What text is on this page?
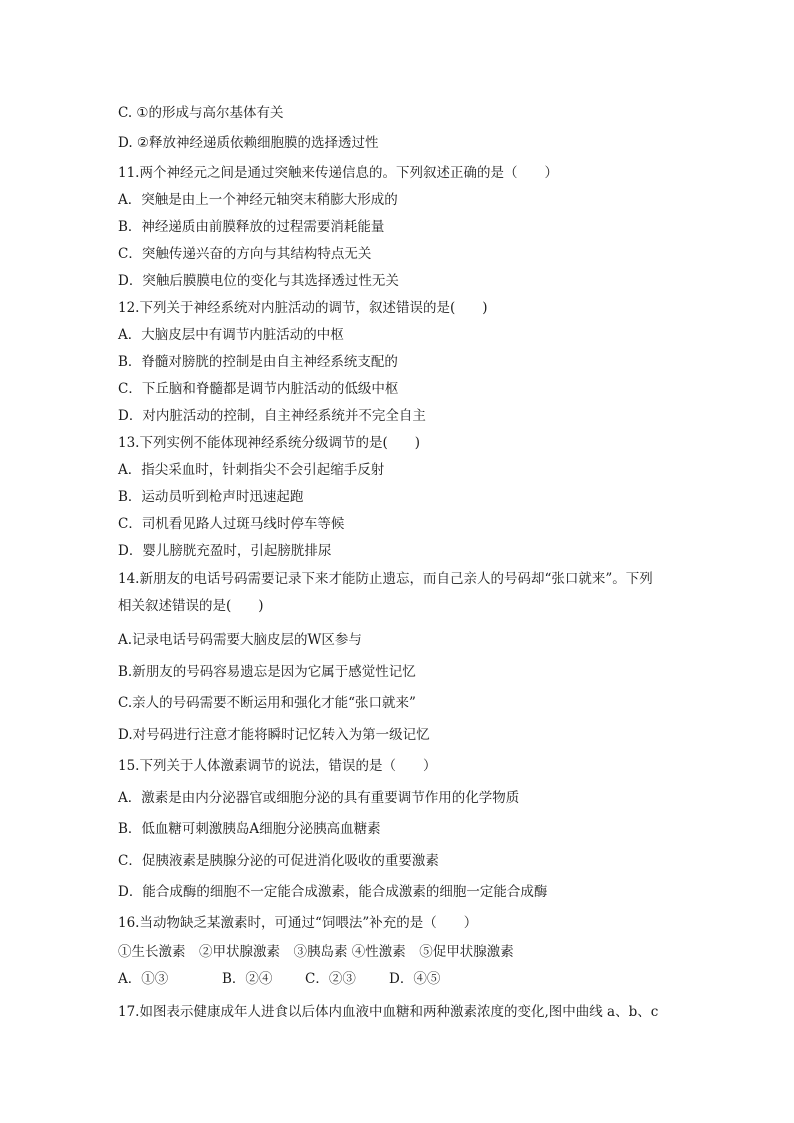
C. ①的形成与高尔基体有关
D. ②释放神经递质依赖细胞膜的选择透过性
11.两个神经元之间是通过突触来传递信息的。下列叙述正确的是（　　）
A．突触是由上一个神经元轴突末稍膨大形成的
B．神经递质由前膜释放的过程需要消耗能量
C．突触传递兴奋的方向与其结构特点无关
D．突触后膜膜电位的变化与其选择透过性无关
12.下列关于神经系统对内脏活动的调节，叙述错误的是(　　)
A．大脑皮层中有调节内脏活动的中枢
B．脊髓对膀胱的控制是由自主神经系统支配的
C．下丘脑和脊髓都是调节内脏活动的低级中枢
D．对内脏活动的控制，自主神经系统并不完全自主
13.下列实例不能体现神经系统分级调节的是(　　)
A．指尖采血时，针刺指尖不会引起缩手反射
B．运动员听到枪声时迅速起跑
C．司机看见路人过斑马线时停车等候
D．婴儿膀胱充盈时，引起膀胱排尿
14.新朋友的电话号码需要记录下来才能防止遗忘，而自己亲人的号码却“张口就来”。下列
相关叙述错误的是(　　)
A.记录电话号码需要大脑皮层的W区参与
B.新朋友的号码容易遗忘是因为它属于感觉性记忆
C.亲人的号码需要不断运用和强化才能“张口就来”
D.对号码进行注意才能将瞬时记忆转入为第一级记忆
15.下列关于人体激素调节的说法，错误的是（　　）
A．激素是由内分泌器官或细胞分泌的具有重要调节作用的化学物质
B．低血糖可刺激胰岛A细胞分泌胰高血糖素
C．促胰液素是胰腺分泌的可促进消化吸收的重要激素
D．能合成酶的细胞不一定能合成激素，能合成激素的细胞一定能合成酶
16.当动物缺乏某激素时，可通过“饲喂法”补充的是（　　）
①生长激素　②甲状腺激素　③胰岛素 ④性激素　⑤促甲状腺激素
A．①③	B．②④ C．②③ D．④⑤
17.如图表示健康成年人进食以后体内血液中血糖和两种激素浓度的变化,图中曲线 a、b、c
